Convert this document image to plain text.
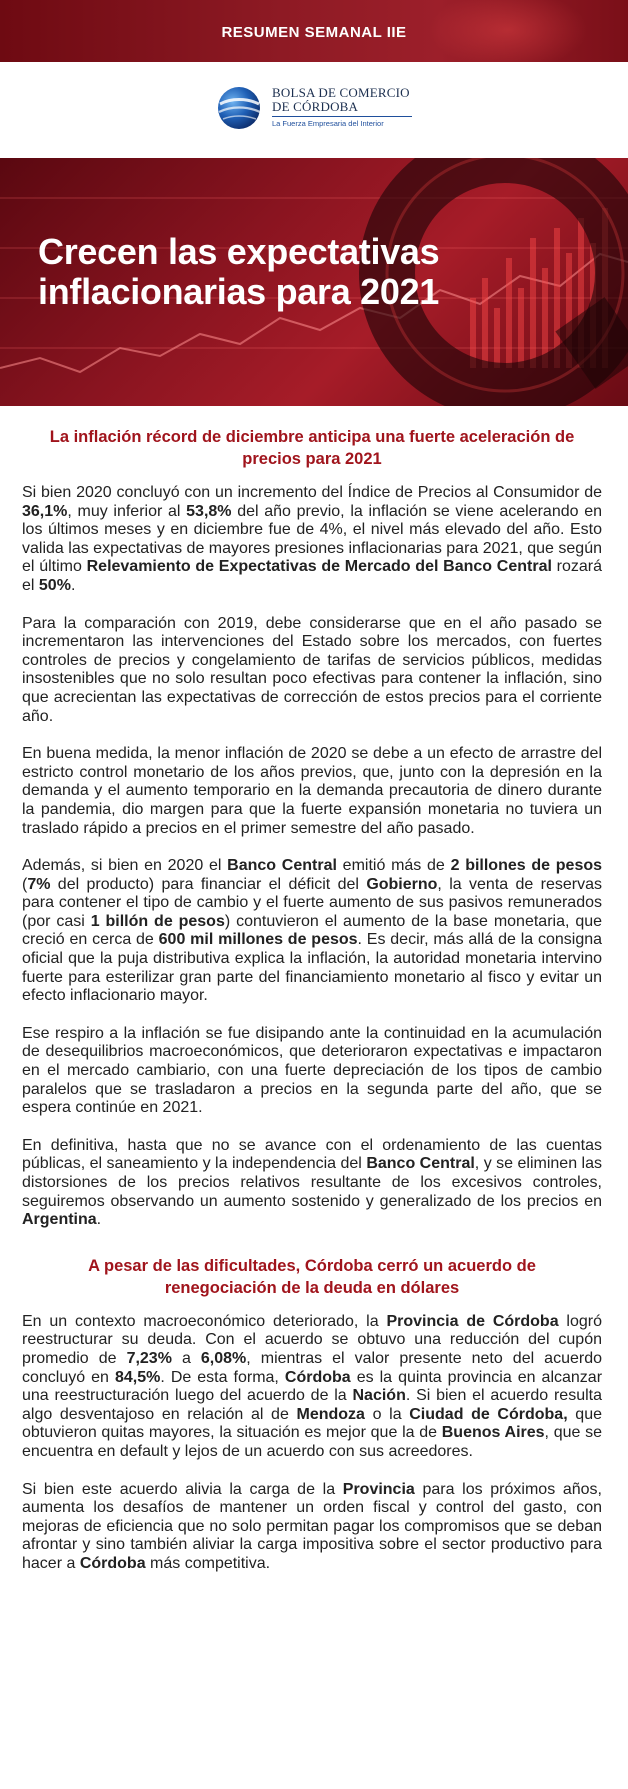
RESUMEN SEMANAL IIE
BOLSA DE COMERCIO
DE CÓRDOBA
La Fuerza Empresaria del Interior
Crecen las expectativas
inflacionarias para 2021
La inflación récord de diciembre anticipa una fuerte aceleración de precios para 2021
Si bien 2020 concluyó con un incremento del Índice de Precios al Consumidor de 36,1%, muy inferior al 53,8% del año previo, la inflación se viene acelerando en los últimos meses y en diciembre fue de 4%, el nivel más elevado del año. Esto valida las expectativas de mayores presiones inflacionarias para 2021, que según el último Relevamiento de Expectativas de Mercado del Banco Central rozará el 50%.
Para la comparación con 2019, debe considerarse que en el año pasado se incrementaron las intervenciones del Estado sobre los mercados, con fuertes controles de precios y congelamiento de tarifas de servicios públicos, medidas insostenibles que no solo resultan poco efectivas para contener la inflación, sino que acrecientan las expectativas de corrección de estos precios para el corriente año.
En buena medida, la menor inflación de 2020 se debe a un efecto de arrastre del estricto control monetario de los años previos, que, junto con la depresión en la demanda y el aumento temporario en la demanda precautoria de dinero durante la pandemia, dio margen para que la fuerte expansión monetaria no tuviera un traslado rápido a precios en el primer semestre del año pasado.
Además, si bien en 2020 el Banco Central emitió más de 2 billones de pesos (7% del producto) para financiar el déficit del Gobierno, la venta de reservas para contener el tipo de cambio y el fuerte aumento de sus pasivos remunerados (por casi 1 billón de pesos) contuvieron el aumento de la base monetaria, que creció en cerca de 600 mil millones de pesos. Es decir, más allá de la consigna oficial que la puja distributiva explica la inflación, la autoridad monetaria intervino fuerte para esterilizar gran parte del financiamiento monetario al fisco y evitar un efecto inflacionario mayor.
Ese respiro a la inflación se fue disipando ante la continuidad en la acumulación de desequilibrios macroeconómicos, que deterioraron expectativas e impactaron en el mercado cambiario, con una fuerte depreciación de los tipos de cambio paralelos que se trasladaron a precios en la segunda parte del año, que se espera continúe en 2021.
En definitiva, hasta que no se avance con el ordenamiento de las cuentas públicas, el saneamiento y la independencia del Banco Central, y se eliminen las distorsiones de los precios relativos resultante de los excesivos controles, seguiremos observando un aumento sostenido y generalizado de los precios en Argentina.
A pesar de las dificultades, Córdoba cerró un acuerdo de renegociación de la deuda en dólares
En un contexto macroeconómico deteriorado, la Provincia de Córdoba logró reestructurar su deuda. Con el acuerdo se obtuvo una reducción del cupón promedio de 7,23% a 6,08%, mientras el valor presente neto del acuerdo concluyó en 84,5%. De esta forma, Córdoba es la quinta provincia en alcanzar una reestructuración luego del acuerdo de la Nación. Si bien el acuerdo resulta algo desventajoso en relación al de Mendoza o la Ciudad de Córdoba, que obtuvieron quitas mayores, la situación es mejor que la de Buenos Aires, que se encuentra en default y lejos de un acuerdo con sus acreedores.
Si bien este acuerdo alivia la carga de la Provincia para los próximos años, aumenta los desafíos de mantener un orden fiscal y control del gasto, con mejoras de eficiencia que no solo permitan pagar los compromisos que se deban afrontar y sino también aliviar la carga impositiva sobre el sector productivo para hacer a Córdoba más competitiva.
